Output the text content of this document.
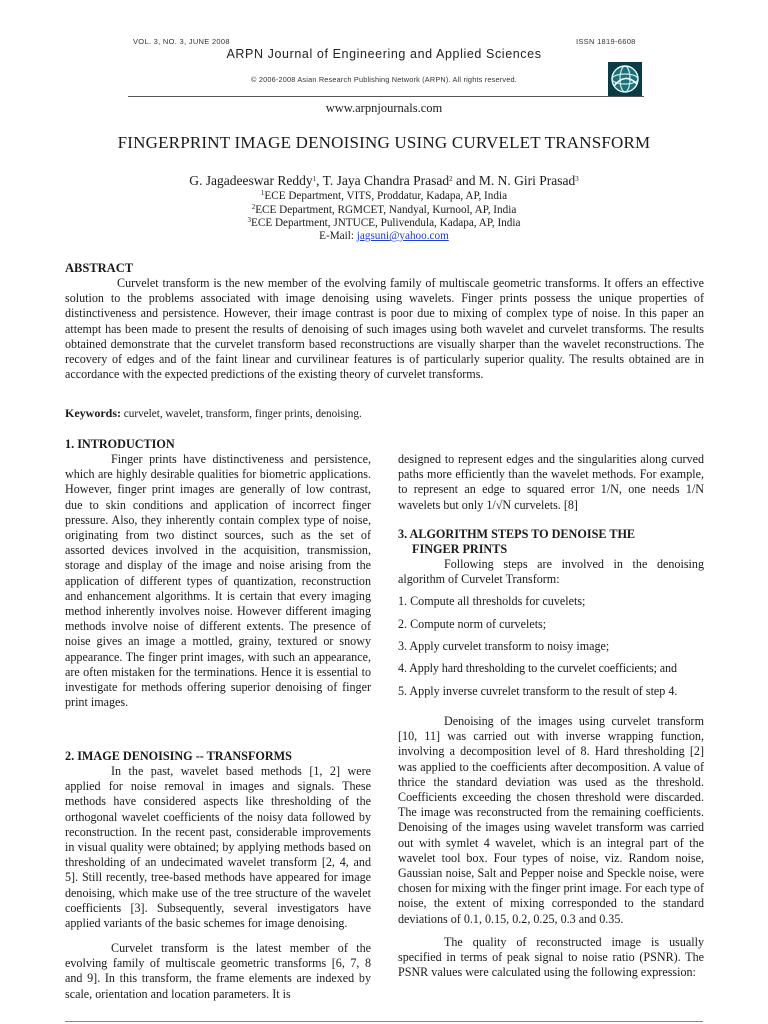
VOL. 3, NO. 3, JUNE 2008	ISSN 1819-6608
ARPN Journal of Engineering and Applied Sciences
© 2006-2008 Asian Research Publishing Network (ARPN). All rights reserved.
www.arpnjournals.com
FINGERPRINT IMAGE DENOISING USING CURVELET TRANSFORM
G. Jagadeeswar Reddy$^1$, T. Jaya Chandra Prasad$^2$ and M. N. Giri Prasad$^3$
$^1$ECE Department, VITS, Proddatur, Kadapa, AP, India
$^2$ECE Department, RGMCET, Nandyal, Kurnool, AP, India
$^3$ECE Department, JNTUCE, Pulivendula, Kadapa, AP, India
E-Mail: jagsuni@yahoo.com
ABSTRACT

Curvelet transform is the new member of the evolving family of multiscale geometric transforms. It offers an effective solution to the problems associated with image denoising using wavelets. Finger prints possess the unique properties of distinctiveness and persistence. However, their image contrast is poor due to mixing of complex type of noise. In this paper an attempt has been made to present the results of denoising of such images using both wavelet and curvelet transforms. The results obtained demonstrate that the curvelet transform based reconstructions are visually sharper than the wavelet reconstructions. The recovery of edges and of the faint linear and curvilinear features is of particularly superior quality. The results obtained are in accordance with the expected predictions of the existing theory of curvelet transforms.

Keywords: curvelet, wavelet, transform, finger prints, denoising.
1. INTRODUCTION

Finger prints have distinctiveness and persistence, which are highly desirable qualities for biometric applications. However, finger print images are generally of low contrast, due to skin conditions and application of incorrect finger pressure. Also, they inherently contain complex type of noise, originating from two distinct sources, such as the set of assorted devices involved in the acquisition, transmission, storage and display of the image and noise arising from the application of different types of quantization, reconstruction and enhancement algorithms. It is certain that every imaging method inherently involves noise. However different imaging methods involve noise of different extents. The presence of noise gives an image a mottled, grainy, textured or snowy appearance. The finger print images, with such an appearance, are often mistaken for the terminations. Hence it is essential to investigate for methods offering superior denoising of finger print images.

2. IMAGE DENOISING -- TRANSFORMS

In the past, wavelet based methods [1, 2] were applied for noise removal in images and signals. These methods have considered aspects like thresholding of the orthogonal wavelet coefficients of the noisy data followed by reconstruction. In the recent past, considerable improvements in visual quality were obtained; by applying methods based on thresholding of an undecimated wavelet transform [2, 4, and 5]. Still recently, tree-based methods have appeared for image denoising, which make use of the tree structure of the wavelet coefficients [3]. Subsequently, several investigators have applied variants of the basic schemes for image denoising.

Curvelet transform is the latest member of the evolving family of multiscale geometric transforms [6, 7, 8 and 9]. In this transform, the frame elements are indexed by scale, orientation and location parameters. It is

designed to represent edges and the singularities along curved paths more efficiently than the wavelet methods. For example, to represent an edge to squared error 1/N, one needs 1/N wavelets but only 1/√N curvelets. [8]

3. ALGORITHM STEPS TO DENOISE THE
FINGER PRINTS

Following steps are involved in the denoising algorithm of Curvelet Transform:

1. Compute all thresholds for cuvelets;
2. Compute norm of curvelets;
3. Apply curvelet transform to noisy image;
4. Apply hard thresholding to the curvelet coefficients; and
5. Apply inverse cuvrelet transform to the result of step 4.

Denoising of the images using curvelet transform [10, 11] was carried out with inverse wrapping function, involving a decomposition level of 8. Hard thresholding [2] was applied to the coefficients after decomposition. A value of thrice the standard deviation was used as the threshold. Coefficients exceeding the chosen threshold were discarded. The image was reconstructed from the remaining coefficients. Denoising of the images using wavelet transform was carried out with symlet 4 wavelet, which is an integral part of the wavelet tool box. Four types of noise, viz. Random noise, Gaussian noise, Salt and Pepper noise and Speckle noise, were chosen for mixing with the finger print image. For each type of noise, the extent of mixing corresponded to the standard deviations of 0.1, 0.15, 0.2, 0.25, 0.3 and 0.35.

The quality of reconstructed image is usually specified in terms of peak signal to noise ratio (PSNR). The PSNR values were calculated using the following expression:
